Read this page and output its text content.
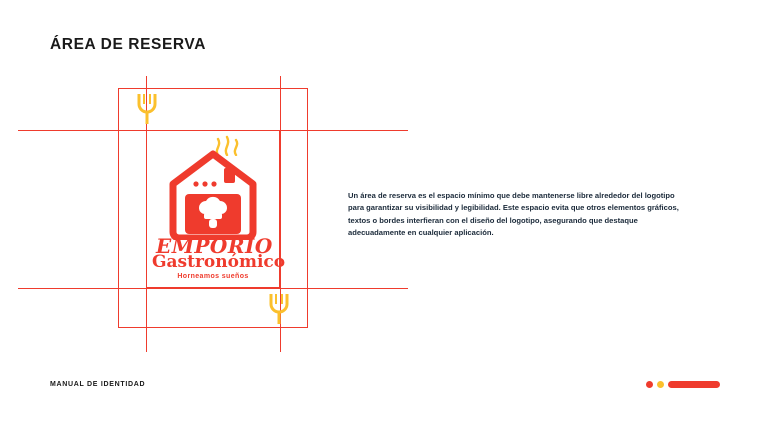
ÁREA DE RESERVA
EMPORIO
Gastronómico
Horneamos sueños
Un área de reserva es el espacio mínimo que debe mantenerse libre alrededor del logotipo para garantizar su visibilidad y legibilidad. Este espacio evita que otros elementos gráficos, textos o bordes interfieran con el diseño del logotipo, asegurando que destaque adecuadamente en cualquier aplicación.
MANUAL DE IDENTIDAD
